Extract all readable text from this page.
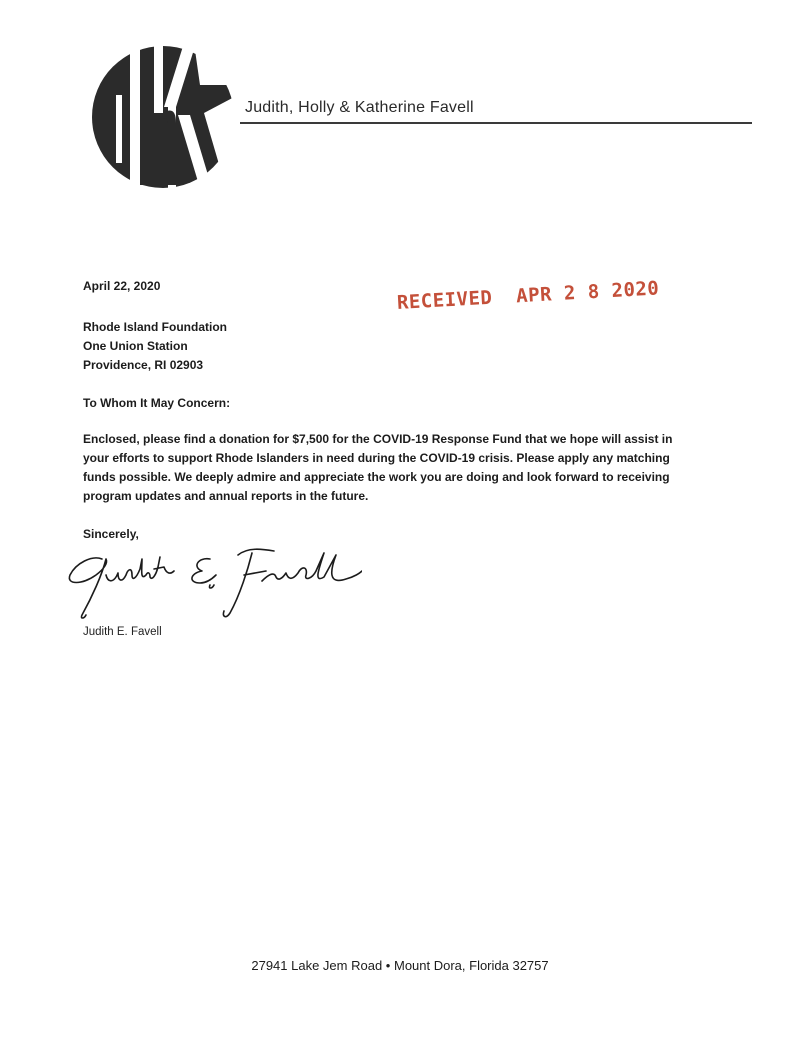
Judith, Holly & Katherine Favell
April 22, 2020
RECEIVED APR 2 8 2020
Rhode Island Foundation
One Union Station
Providence, RI 02903
To Whom It May Concern:
Enclosed, please find a donation for $7,500 for the COVID-19 Response Fund that we hope will assist in your efforts to support Rhode Islanders in need during the COVID-19 crisis. Please apply any matching funds possible. We deeply admire and appreciate the work you are doing and look forward to receiving program updates and annual reports in the future.
Sincerely,
Judith E. Favell
27941 Lake Jem Road • Mount Dora, Florida 32757
